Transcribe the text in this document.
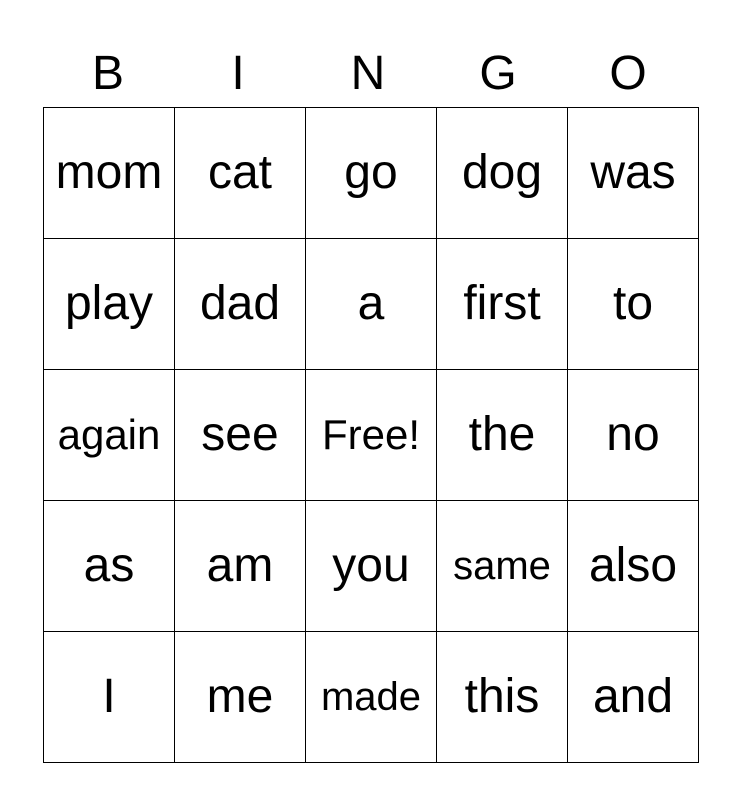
B	I	N	G	O
mom	cat	go	dog	was
play	dad	a	first	to
again	see	Free!	the	no
as	am	you	same	also
I	me	made	this	and
